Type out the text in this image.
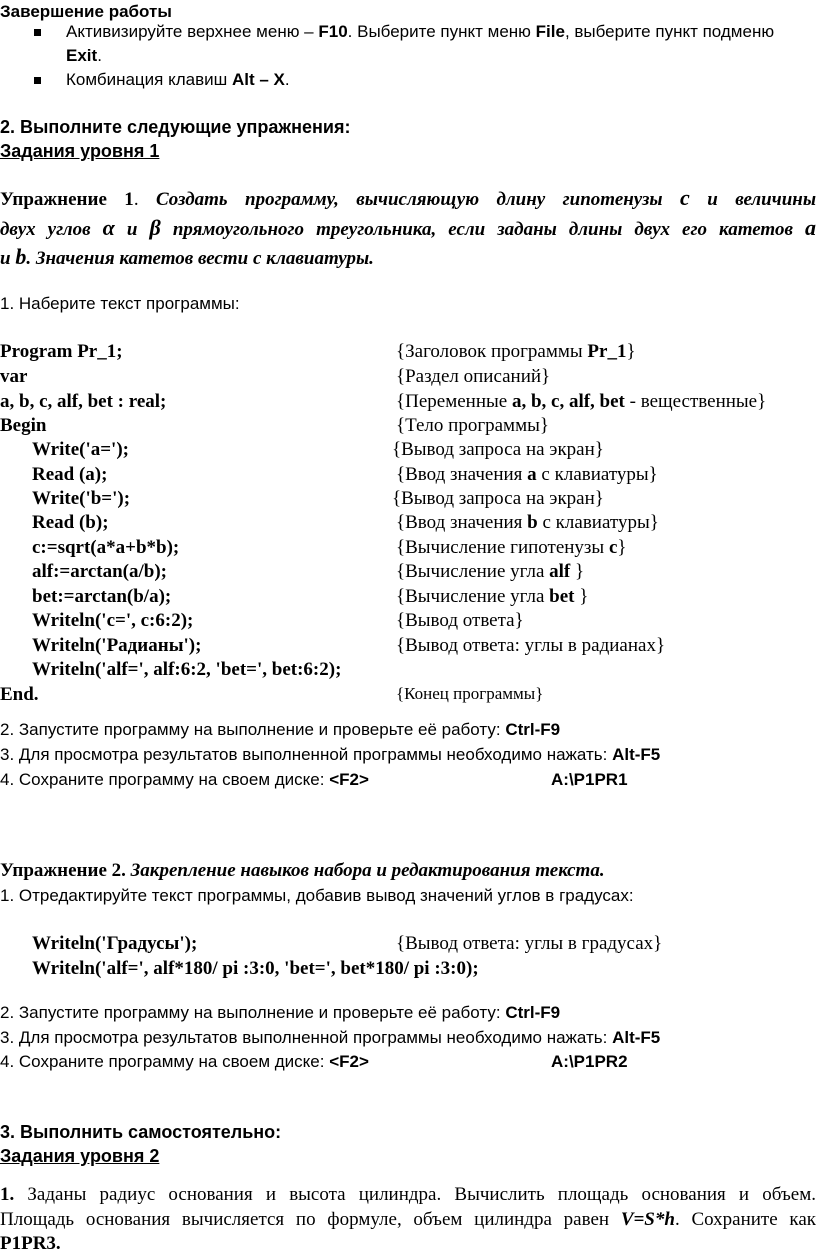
Завершение работы
Активизируйте верхнее меню – F10. Выберите пункт меню File, выберите пункт подменю
Exit.
Комбинация клавиш Alt – X.
2. Выполните следующие упражнения:
Задания уровня 1
Упражнение 1. Создать программу, вычисляющую длину гипотенузы c и величины
двух углов α и β прямоугольного треугольника, если заданы длины двух его катетов a
и b. Значения катетов вести с клавиатуры.
1. Наберите текст программы:
Program Pr_1;	{Заголовок программы Pr_1}
var	{Раздел описаний}
a, b, c, alf, bet : real;	{Переменные a, b, c, alf, bet - вещественные}
Begin	{Тело программы}
Write('a=');	{Вывод запроса на экран}
Read (a);	{Ввод значения a с клавиатуры}
Write('b=');	{Вывод запроса на экран}
Read (b);	{Ввод значения b с клавиатуры}
c:=sqrt(a*a+b*b);	{Вычисление гипотенузы c}
alf:=arctan(a/b);	{Вычисление угла alf }
bet:=arctan(b/a);	{Вычисление угла bet }
Writeln('c=', c:6:2);	{Вывод ответа}
Writeln('Радианы');	{Вывод ответа: углы в радианах}
Writeln('alf=', alf:6:2, 'bet=', bet:6:2);
End.	{Конец программы}
2. Запустите программу на выполнение и проверьте её работу: Ctrl-F9
3. Для просмотра результатов выполненной программы необходимо нажать: Alt-F5
4. Сохраните программу на своем диске: <F2>	A:\P1PR1
Упражнение 2. Закрепление навыков набора и редактирования текста.
1. Отредактируйте текст программы, добавив вывод значений углов в градусах:
Writeln('Градусы');	{Вывод ответа: углы в градусах}
Writeln('alf=', alf*180/ pi :3:0, 'bet=', bet*180/ pi :3:0);
2. Запустите программу на выполнение и проверьте её работу: Ctrl-F9
3. Для просмотра результатов выполненной программы необходимо нажать: Alt-F5
4. Сохраните программу на своем диске: <F2>	A:\P1PR2
3. Выполнить самостоятельно:
Задания уровня 2
1. Заданы радиус основания и высота цилиндра. Вычислить площадь основания и объем.
Площадь основания вычисляется по формуле, объем цилиндра равен V=S*h. Сохраните как
P1PR3.
